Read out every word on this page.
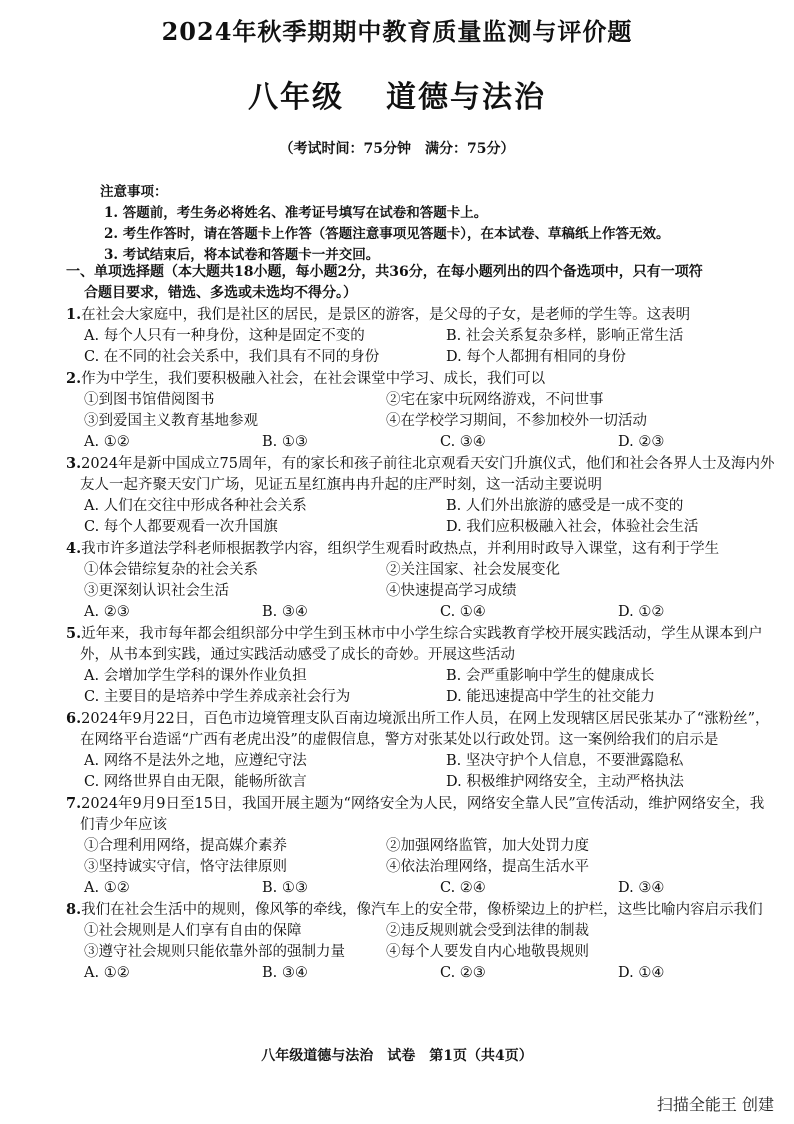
2024年秋季期期中教育质量监测与评价题
八年级 道德与法治
（考试时间：75分钟　满分：75分）
注意事项：
1. 答题前，考生务必将姓名、准考证号填写在试卷和答题卡上。
2. 考生作答时，请在答题卡上作答（答题注意事项见答题卡），在本试卷、草稿纸上作答无效。
3. 考试结束后，将本试卷和答题卡一并交回。
一、单项选择题（本大题共18小题，每小题2分，共36分，在每小题列出的四个备选项中，只有一项符
合题目要求，错选、多选或未选均不得分。）
1.在社会大家庭中，我们是社区的居民，是景区的游客，是父母的子女，是老师的学生等。这表明
A. 每个人只有一种身份，这种是固定不变的	B. 社会关系复杂多样，影响正常生活
C. 在不同的社会关系中，我们具有不同的身份	D. 每个人都拥有相同的身份
2.作为中学生，我们要积极融入社会，在社会课堂中学习、成长，我们可以
①到图书馆借阅图书	②宅在家中玩网络游戏，不问世事
③到爱国主义教育基地参观	④在学校学习期间，不参加校外一切活动
A. ①②	B. ①③	C. ③④	D. ②③
3.2024年是新中国成立75周年，有的家长和孩子前往北京观看天安门升旗仪式，他们和社会各界人士及海内外友人一起齐聚天安门广场，见证五星红旗冉冉升起的庄严时刻，这一活动主要说明
A. 人们在交往中形成各种社会关系	B. 人们外出旅游的感受是一成不变的
C. 每个人都要观看一次升国旗	D. 我们应积极融入社会，体验社会生活
4.我市许多道法学科老师根据教学内容，组织学生观看时政热点，并利用时政导入课堂，这有利于学生
①体会错综复杂的社会关系	②关注国家、社会发展变化
③更深刻认识社会生活	④快速提高学习成绩
A. ②③	B. ③④	C. ①④	D. ①②
5.近年来，我市每年都会组织部分中学生到玉林市中小学生综合实践教育学校开展实践活动，学生从课本到户外，从书本到实践，通过实践活动感受了成长的奇妙。开展这些活动
A. 会增加学生学科的课外作业负担	B. 会严重影响中学生的健康成长
C. 主要目的是培养中学生养成亲社会行为	D. 能迅速提高中学生的社交能力
6.2024年9月22日，百色市边境管理支队百南边境派出所工作人员，在网上发现辖区居民张某办了“涨粉丝”，在网络平台造谣“广西有老虎出没”的虚假信息，警方对张某处以行政处罚。这一案例给我们的启示是
A. 网络不是法外之地，应遵纪守法	B. 坚决守护个人信息，不要泄露隐私
C. 网络世界自由无限，能畅所欲言	D. 积极维护网络安全，主动严格执法
7.2024年9月9日至15日，我国开展主题为“网络安全为人民，网络安全靠人民”宣传活动，维护网络安全，我们青少年应该
①合理利用网络，提高媒介素养	②加强网络监管，加大处罚力度
③坚持诚实守信，恪守法律原则	④依法治理网络，提高生活水平
A. ①②	B. ①③	C. ②④	D. ③④
8.我们在社会生活中的规则，像风筝的牵线，像汽车上的安全带，像桥梁边上的护栏，这些比喻内容启示我们
①社会规则是人们享有自由的保障	②违反规则就会受到法律的制裁
③遵守社会规则只能依靠外部的强制力量	④每个人要发自内心地敬畏规则
A. ①②	B. ③④	C. ②③	D. ①④
八年级道德与法治　试卷　第1页（共4页）
扫描全能王 创建
